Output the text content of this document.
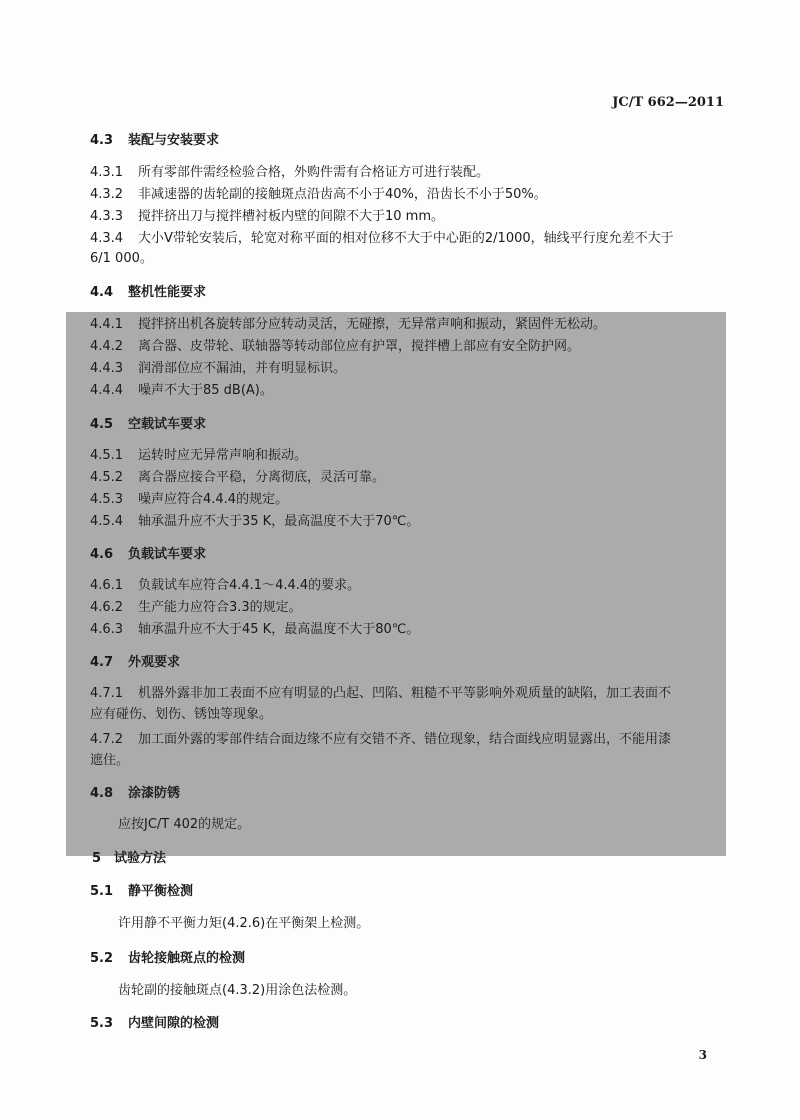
JC/T 662—2011
4.3 装配与安装要求
4.3.1 所有零部件需经检验合格，外购件需有合格证方可进行装配。
4.3.2 非减速器的齿轮副的接触斑点沿齿高不小于40%，沿齿长不小于50%。
4.3.3 搅拌挤出刀与搅拌槽衬板内壁的间隙不大于10 mm。
4.3.4 大小V带轮安装后，轮宽对称平面的相对位移不大于中心距的2/1000，轴线平行度允差不大于
6/1 000。
4.4 整机性能要求
4.4.1 搅拌挤出机各旋转部分应转动灵活，无碰擦，无异常声响和振动，紧固件无松动。
4.4.2 离合器、皮带轮、联轴器等转动部位应有护罩，搅拌槽上部应有安全防护网。
4.4.3 润滑部位应不漏油，并有明显标识。
4.4.4 噪声不大于85 dB(A)。
4.5 空载试车要求
4.5.1 运转时应无异常声响和振动。
4.5.2 离合器应接合平稳，分离彻底，灵活可靠。
4.5.3 噪声应符合4.4.4的规定。
4.5.4 轴承温升应不大于35 K，最高温度不大于70℃。
4.6 负载试车要求
4.6.1 负载试车应符合4.4.1～4.4.4的要求。
4.6.2 生产能力应符合3.3的规定。
4.6.3 轴承温升应不大于45 K，最高温度不大于80℃。
4.7 外观要求
4.7.1 机器外露非加工表面不应有明显的凸起、凹陷、粗糙不平等影响外观质量的缺陷，加工表面不
应有碰伤、划伤、锈蚀等现象。
4.7.2 加工面外露的零部件结合面边缘不应有交错不齐、错位现象，结合面线应明显露出，不能用漆
遮住。
4.8 涂漆防锈
应按JC/T 402的规定。
5 试验方法
5.1 静平衡检测
许用静不平衡力矩(4.2.6)在平衡架上检测。
5.2 齿轮接触斑点的检测
齿轮副的接触斑点(4.3.2)用涂色法检测。
5.3 内壁间隙的检测
3
